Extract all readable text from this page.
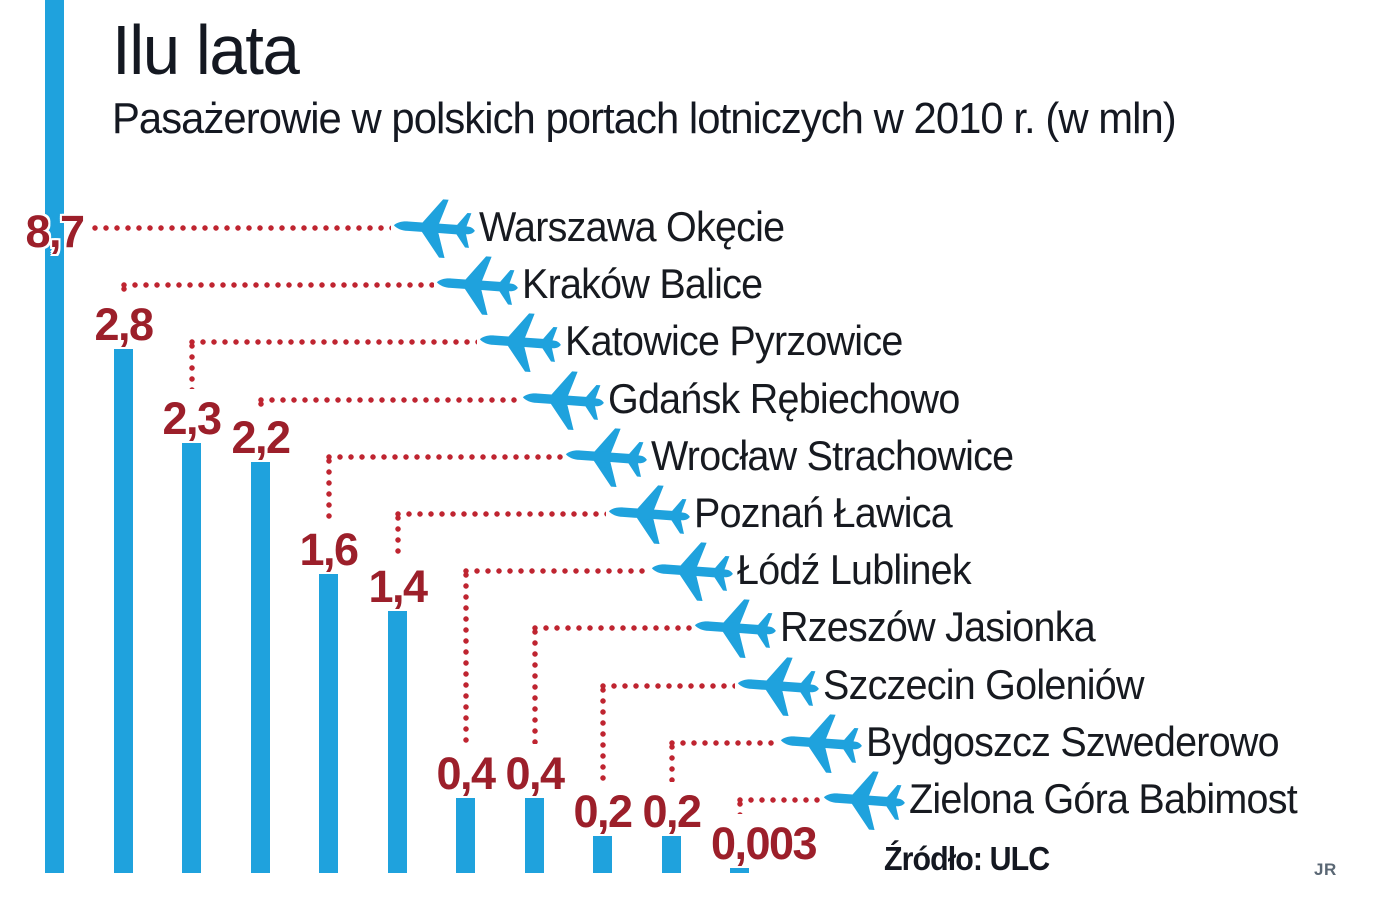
Ilu lata
Pasażerowie w polskich portach lotniczych w 2010 r. (w mln)
8,7	Warszawa Okęcie
2,8
Kraków Balice
2,3
Katowice Pyrzowice
2,2
Gdańsk Rębiechowo
1,6
Wrocław Strachowice
1,4
Poznań Ławica
0,4
Łódź Lublinek
0,4
Rzeszów Jasionka
0,2
Szczecin Goleniów
0,2
Bydgoszcz Szwederowo
0,003
Zielona Góra Babimost
Źródło: ULC	JR
